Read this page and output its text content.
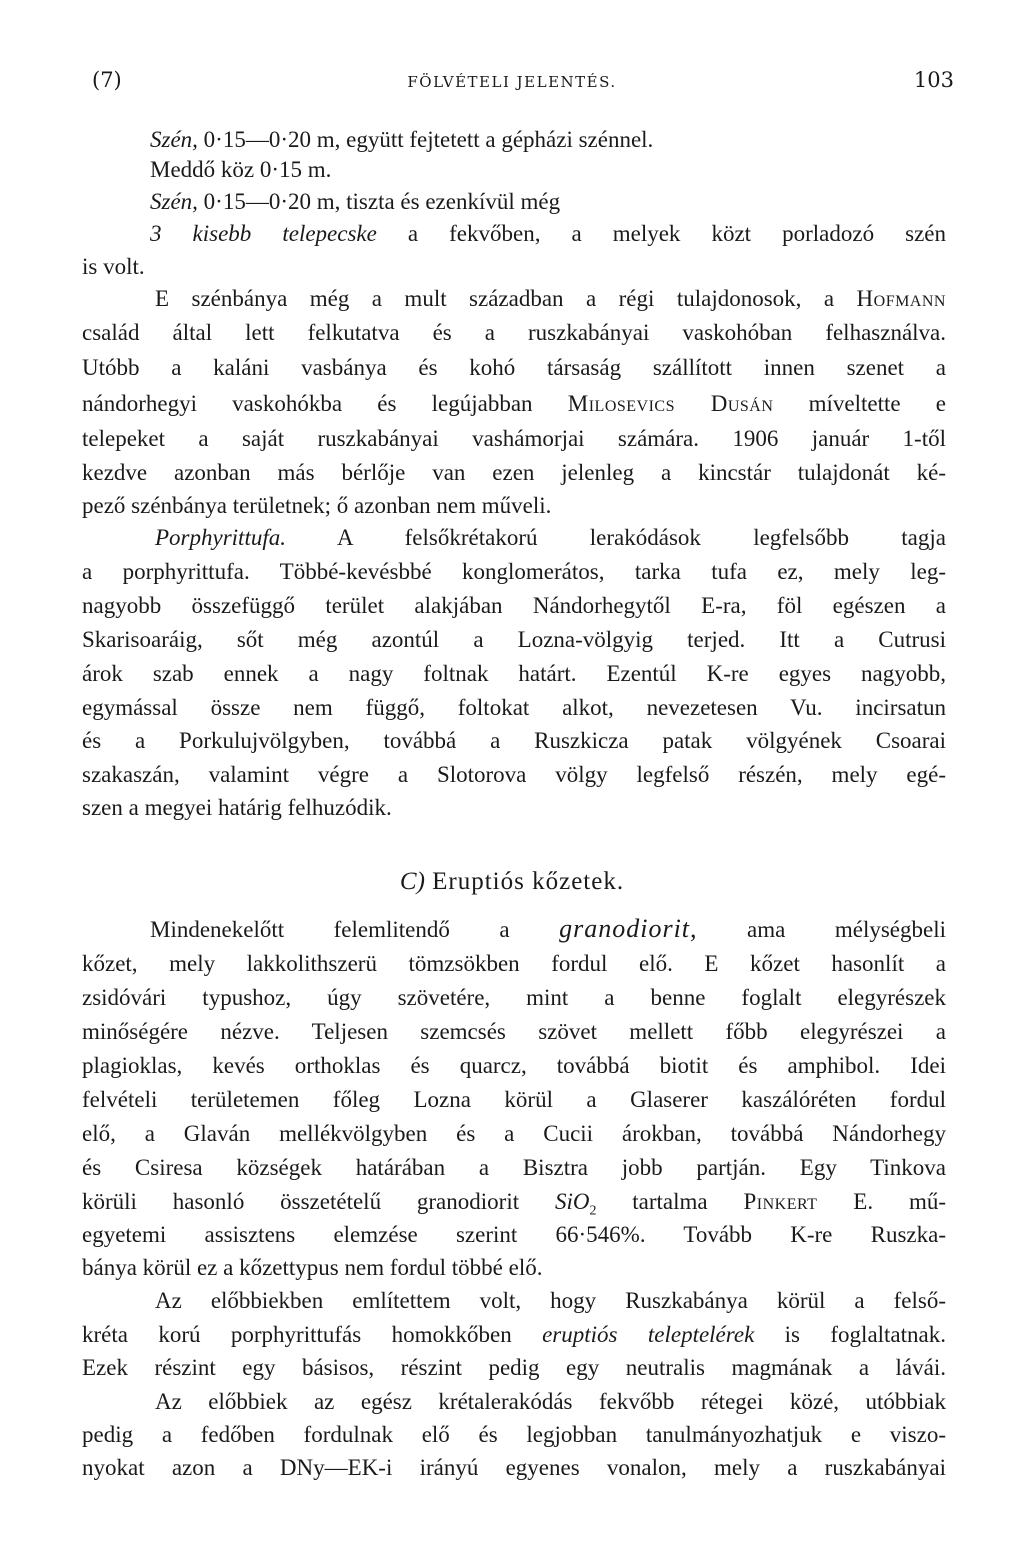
(7)	FÖLVÉTELI JELENTÉS.	103
Szén, 0·15—0·20 m, együtt fejtetett a gépházi szénnel.
Meddő köz 0·15 m.
Szén, 0·15—0·20 m, tiszta és ezenkívül még
3 kisebb telepecske a fekvőben, a melyek közt porladozó szén
is volt.
E szénbánya még a mult században a régi tulajdonosok, a Hofmann
család által lett felkutatva és a ruszkabányai vaskohóban felhasználva.
Utóbb a kaláni vasbánya és kohó társaság szállított innen szenet a
nándorhegyi vaskohókba és legújabban Milosevics Dusán míveltette e
telepeket a saját ruszkabányai vashámorjai számára. 1906 január 1-től
kezdve azonban más bérlője van ezen jelenleg a kincstár tulajdonát ké-
pező szénbánya területnek; ő azonban nem műveli.
Porphyrittufa. A felsőkrétakorú lerakódások legfelsőbb tagja
a porphyrittufa. Többé-kevésbbé konglomerátos, tarka tufa ez, mely leg-
nagyobb összefüggő terület alakjában Nándorhegytől E-ra, föl egészen a
Skarisoaráig, sőt még azontúl a Lozna-völgyig terjed. Itt a Cutrusi
árok szab ennek a nagy foltnak határt. Ezentúl K-re egyes nagyobb,
egymással össze nem függő, foltokat alkot, nevezetesen Vu. incirsatun
és a Porkulujvölgyben, továbbá a Ruszkicza patak völgyének Csoarai
szakaszán, valamint végre a Slotorova völgy legfelső részén, mely egé-
szen a megyei határig felhuzódik.
C) Eruptiós kőzetek.
Mindenekelőtt felemlitendő a granodiorit, ama mélységbeli
kőzet, mely lakkolithszerü tömzsökben fordul elő. E kőzet hasonlít a
zsidóvári typushoz, úgy szövetére, mint a benne foglalt elegyrészek
minőségére nézve. Teljesen szemcsés szövet mellett főbb elegyrészei a
plagioklas, kevés orthoklas és quarcz, továbbá biotit és amphibol. Idei
felvételi területemen főleg Lozna körül a Glaserer kaszálóréten fordul
elő, a Glaván mellékvölgyben és a Cucii árokban, továbbá Nándorhegy
és Csiresa községek határában a Bisztra jobb partján. Egy Tinkova
körüli hasonló összetételű granodiorit SiO$_2$ tartalma Pinkert E. mű-
egyetemi assisztens elemzése szerint 66·546%. Tovább K-re Ruszka-
bánya körül ez a kőzettypus nem fordul többé elő.
Az előbbiekben említettem volt, hogy Ruszkabánya körül a felső-
kréta korú porphyrittufás homokkőben eruptiós teleptelérek is foglaltatnak.
Ezek részint egy básisos, részint pedig egy neutralis magmának a lávái.
Az előbbiek az egész krétalerakódás fekvőbb rétegei közé, utóbbiak
pedig a fedőben fordulnak elő és legjobban tanulmányozhatjuk e viszo-
nyokat azon a DNy—EK-i irányú egyenes vonalon, mely a ruszkabányai
